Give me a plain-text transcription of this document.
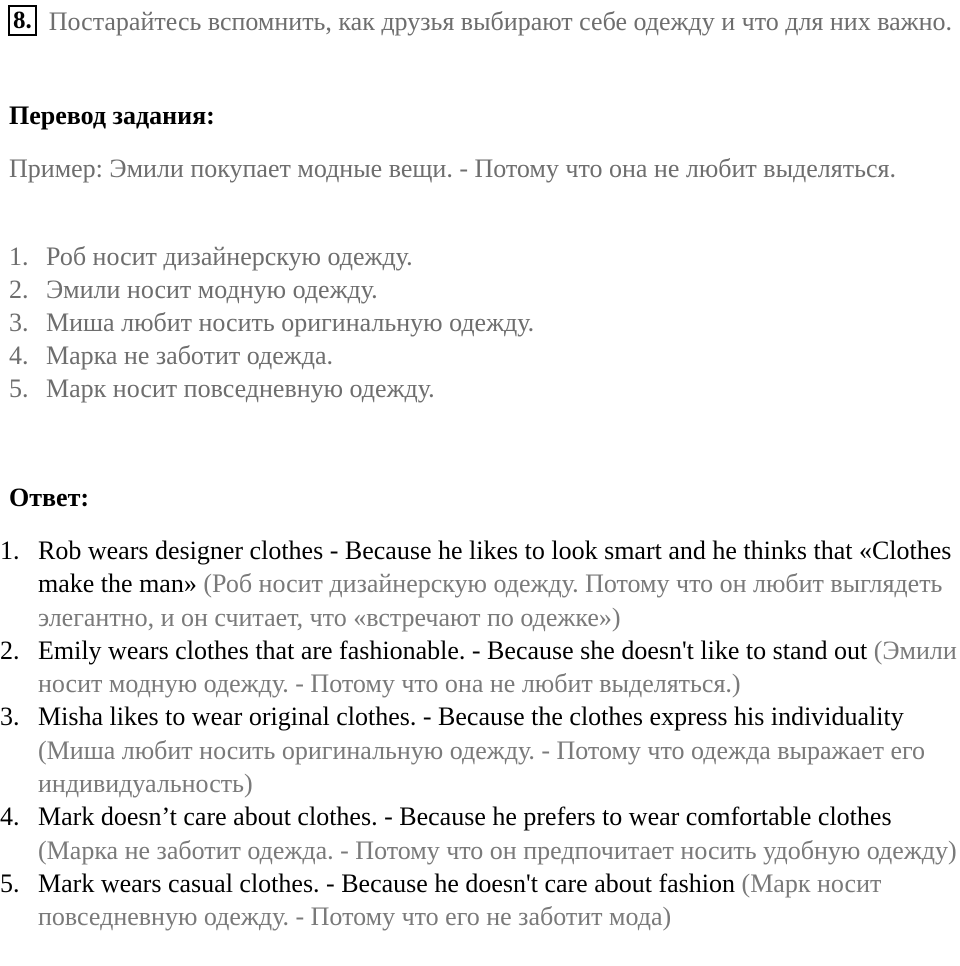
8. Постарайтесь вспомнить, как друзья выбирают себе одежду и что для них важно.
Перевод задания:
Пример: Эмили покупает модные вещи. - Потому что она не любит выделяться.
1. Роб носит дизайнерскую одежду.
2. Эмили носит модную одежду.
3. Миша любит носить оригинальную одежду.
4. Марка не заботит одежда.
5. Марк носит повседневную одежду.
Ответ:
1. Rob wears designer clothes - Because he likes to look smart and he thinks that «Clothes make the man» (Роб носит дизайнерскую одежду. Потому что он любит выглядеть элегантно, и он считает, что «встречают по одежке»)
2. Emily wears clothes that are fashionable. - Because she doesn't like to stand out (Эмили носит модную одежду. - Потому что она не любит выделяться.)
3. Misha likes to wear original clothes. - Because the clothes express his individuality (Миша любит носить оригинальную одежду. - Потому что одежда выражает его индивидуальность)
4. Mark doesn’t care about clothes. - Because he prefers to wear comfortable clothes (Марка не заботит одежда. - Потому что он предпочитает носить удобную одежду)
5. Mark wears casual clothes. - Because he doesn't care about fashion (Марк носит повседневную одежду. - Потому что его не заботит мода)
